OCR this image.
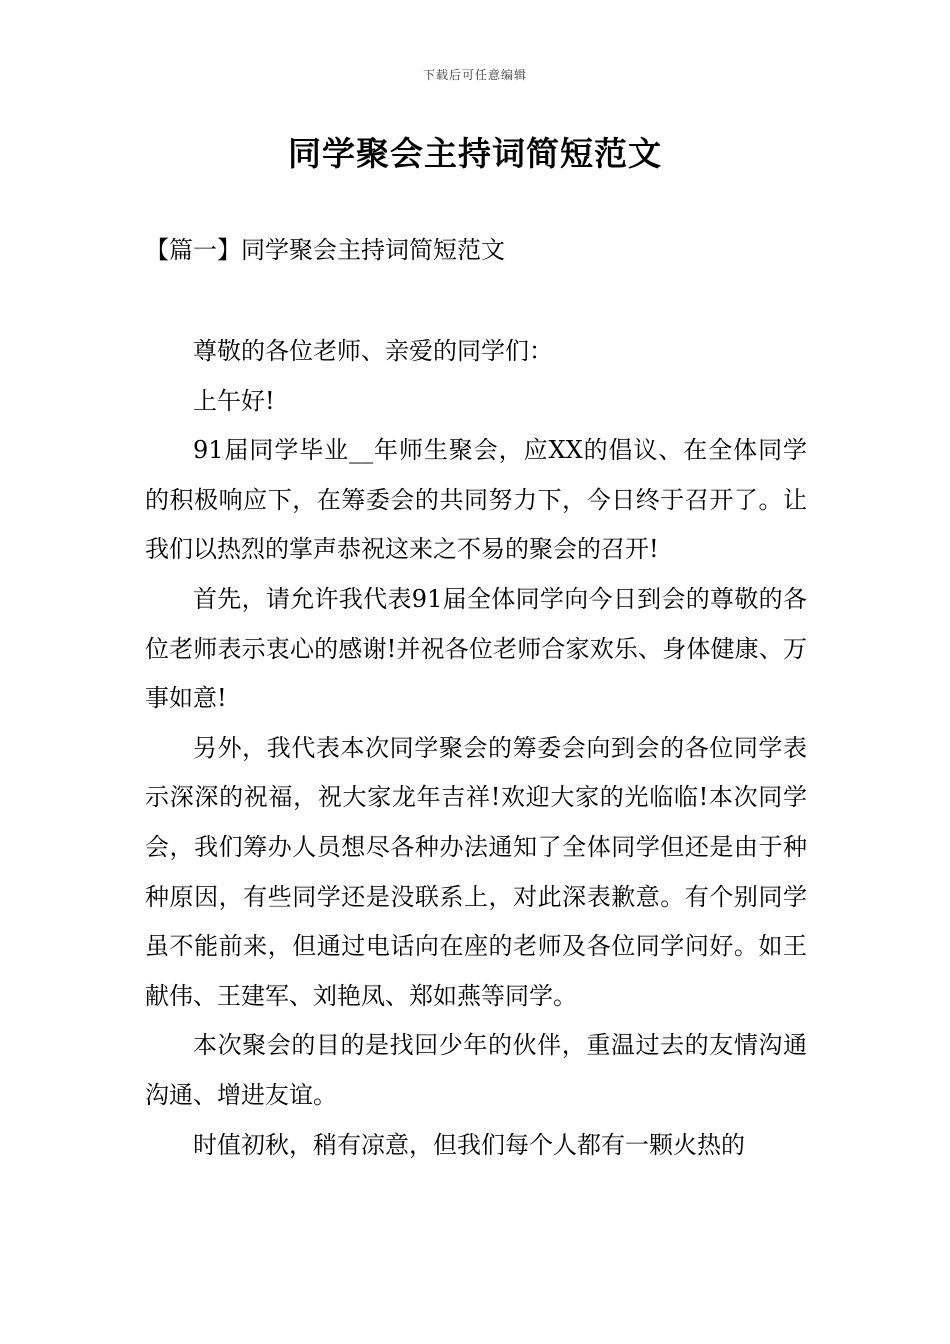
下载后可任意编辑
同学聚会主持词简短范文
【篇一】同学聚会主持词简短范文

尊敬的各位老师、亲爱的同学们：

上午好!

91届同学毕业__年师生聚会，应XX的倡议、在全体同学的积极响应下，在筹委会的共同努力下，今日终于召开了。让我们以热烈的掌声恭祝这来之不易的聚会的召开!

首先，请允许我代表91届全体同学向今日到会的尊敬的各位老师表示衷心的感谢!并祝各位老师合家欢乐、身体健康、万事如意!

另外，我代表本次同学聚会的筹委会向到会的各位同学表示深深的祝福，祝大家龙年吉祥!欢迎大家的光临临!本次同学会，我们筹办人员想尽各种办法通知了全体同学但还是由于种种原因，有些同学还是没联系上，对此深表歉意。有个别同学虽不能前来，但通过电话向在座的老师及各位同学问好。如王献伟、王建军、刘艳凤、郑如燕等同学。

本次聚会的目的是找回少年的伙伴，重温过去的友情沟通沟通、增进友谊。

时值初秋，稍有凉意，但我们每个人都有一颗火热的
